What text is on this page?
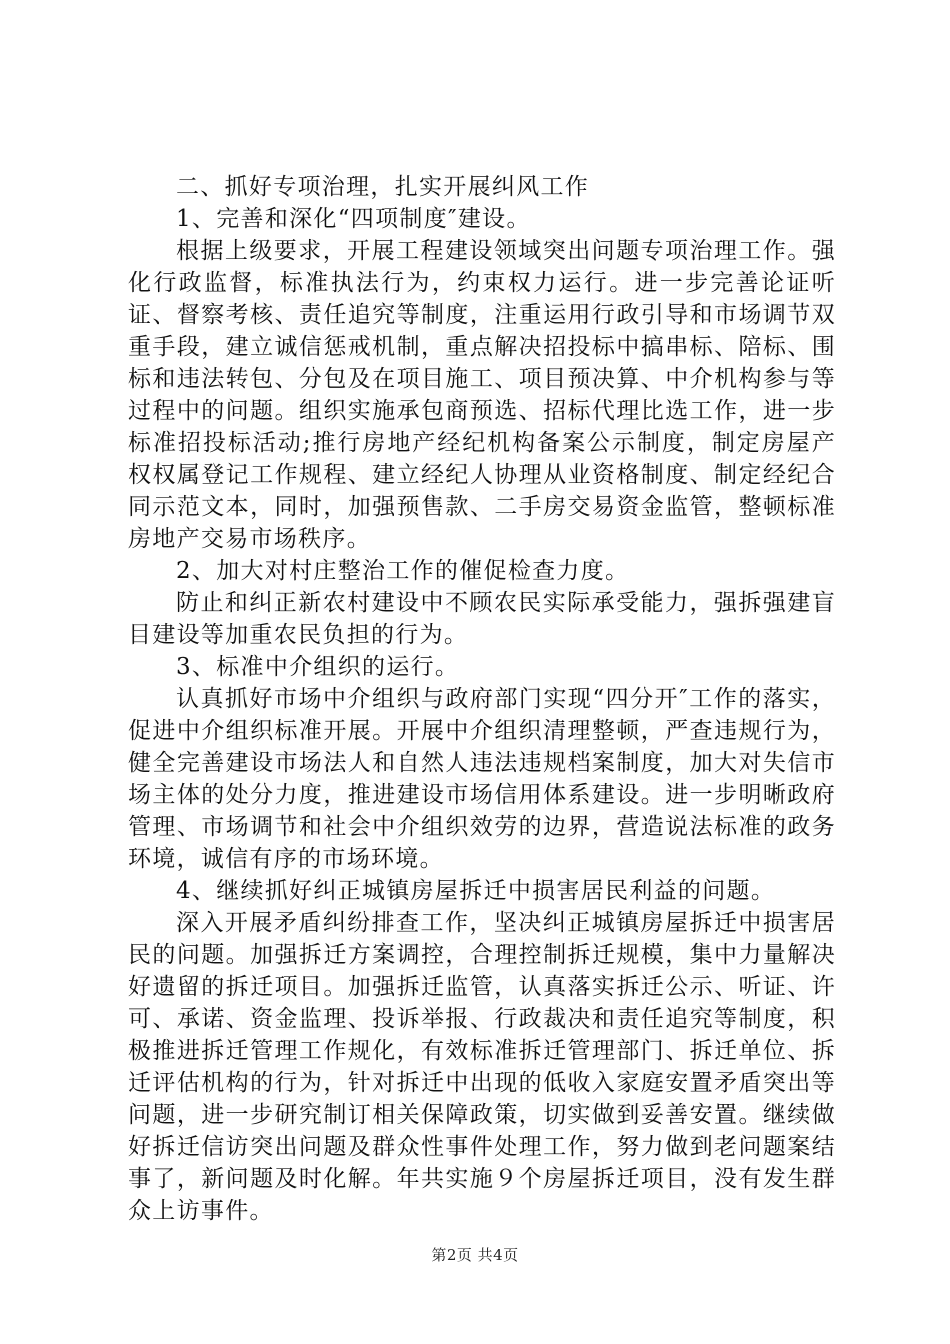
二、抓好专项治理，扎实开展纠风工作

1、完善和深化“四项制度″建设。

根据上级要求，开展工程建设领域突出问题专项治理工作。强化行政监督，标准执法行为，约束权力运行。进一步完善论证听证、督察考核、责任追究等制度，注重运用行政引导和市场调节双重手段，建立诚信惩戒机制，重点解决招投标中搞串标、陪标、围标和违法转包、分包及在项目施工、项目预决算、中介机构参与等过程中的问题。组织实施承包商预选、招标代理比选工作，进一步标准招投标活动;推行房地产经纪机构备案公示制度，制定房屋产权权属登记工作规程、建立经纪人协理从业资格制度、制定经纪合同示范文本，同时，加强预售款、二手房交易资金监管，整顿标准房地产交易市场秩序。

2、加大对村庄整治工作的催促检查力度。

防止和纠正新农村建设中不顾农民实际承受能力，强拆强建盲目建设等加重农民负担的行为。

3、标准中介组织的运行。

认真抓好市场中介组织与政府部门实现“四分开″工作的落实，促进中介组织标准开展。开展中介组织清理整顿，严查违规行为，健全完善建设市场法人和自然人违法违规档案制度，加大对失信市场主体的处分力度，推进建设市场信用体系建设。进一步明晰政府管理、市场调节和社会中介组织效劳的边界，营造说法标准的政务环境，诚信有序的市场环境。

4、继续抓好纠正城镇房屋拆迁中损害居民利益的问题。

深入开展矛盾纠纷排查工作，坚决纠正城镇房屋拆迁中损害居民的问题。加强拆迁方案调控，合理控制拆迁规模，集中力量解决好遗留的拆迁项目。加强拆迁监管，认真落实拆迁公示、听证、许可、承诺、资金监理、投诉举报、行政裁决和责任追究等制度，积极推进拆迁管理工作规化，有效标准拆迁管理部门、拆迁单位、拆迁评估机构的行为，针对拆迁中出现的低收入家庭安置矛盾突出等问题，进一步研究制订相关保障政策，切实做到妥善安置。继续做好拆迁信访突出问题及群众性事件处理工作，努力做到老问题案结事了，新问题及时化解。年共实施９个房屋拆迁项目，没有发生群众上访事件。

第2页 共4页
